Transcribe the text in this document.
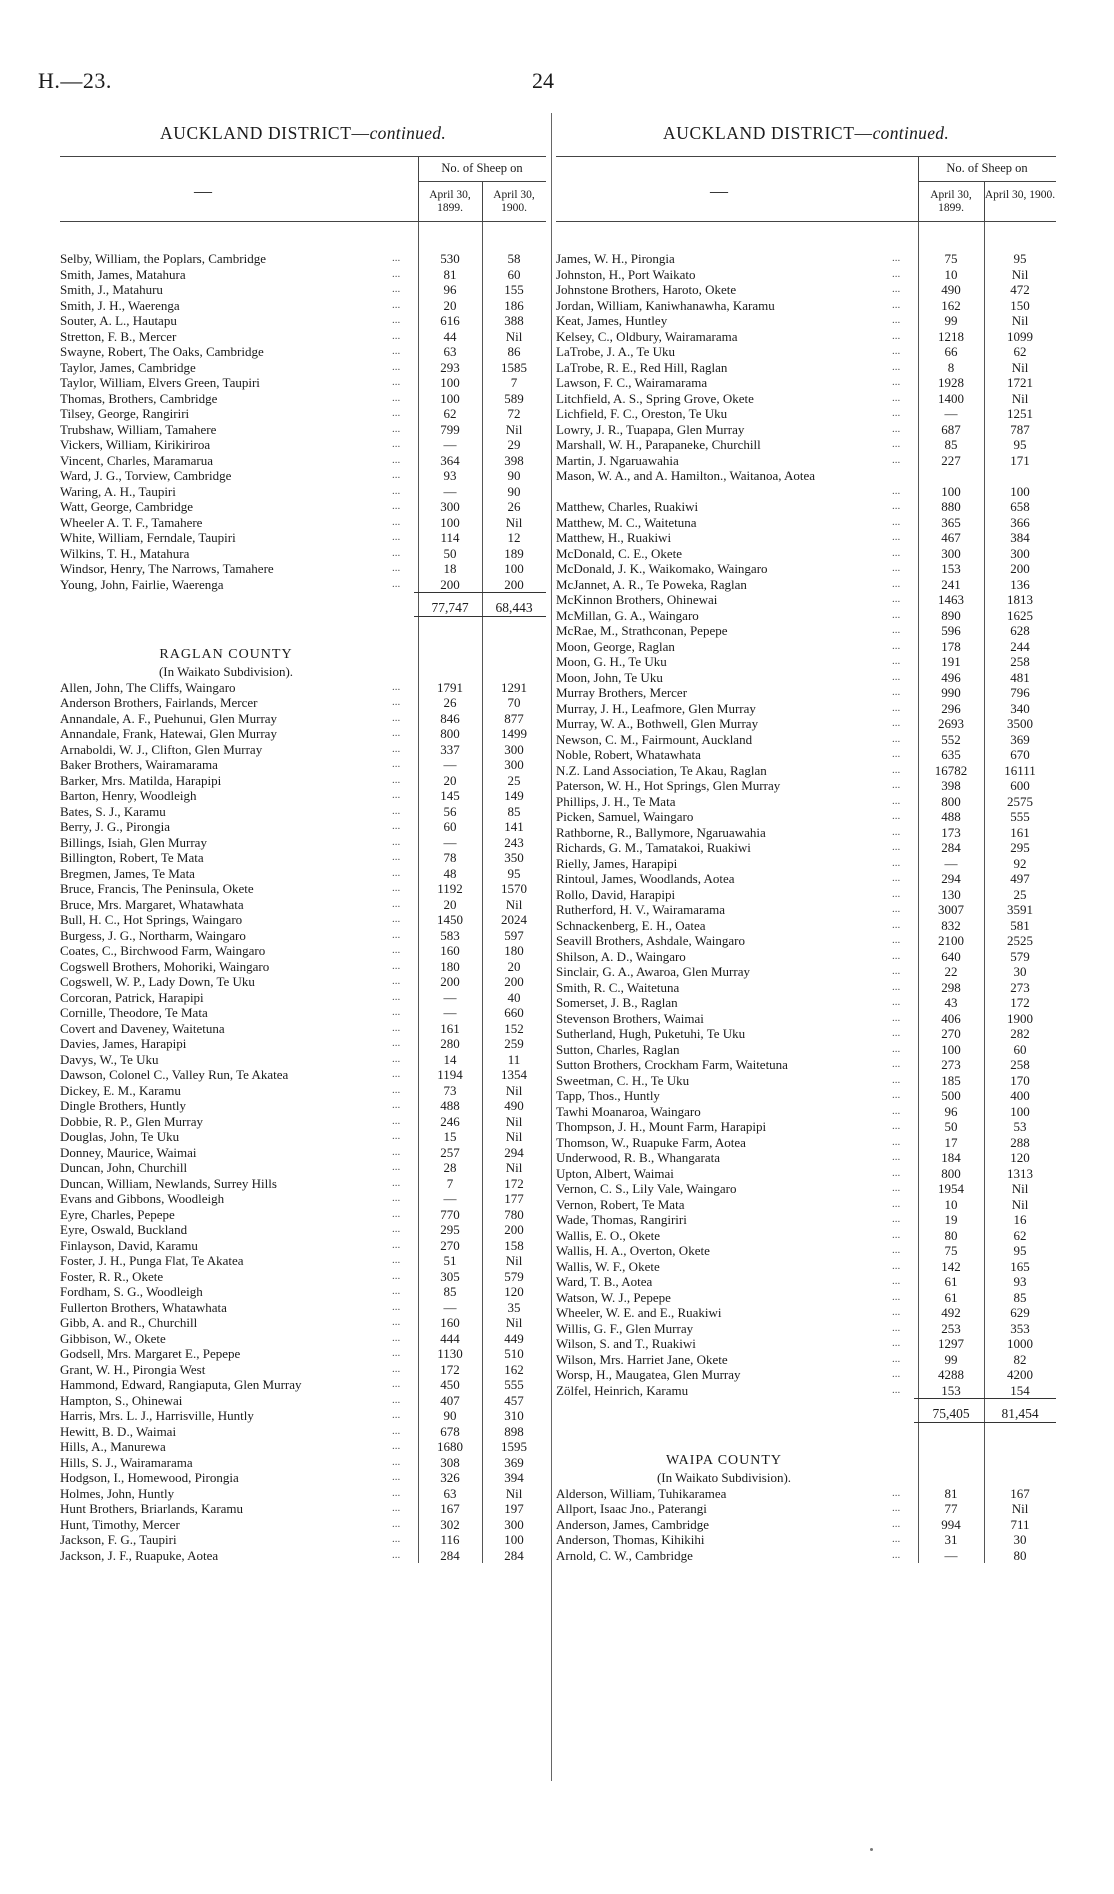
H.—23.	24
AUCKLAND DISTRICT—continued.	AUCKLAND DISTRICT—continued.
—
No. of Sheep on
April 30, 1899.
April 30, 1900.
Selby, William, the Poplars, Cambridge	...	530	58
Smith, James, Matahura	...	81	60
Smith, J., Matahuru	...	96	155
Smith, J. H., Waerenga	...	20	186
Souter, A. L., Hautapu	...	616	388
Stretton, F. B., Mercer	...	44	Nil
Swayne, Robert, The Oaks, Cambridge	...	63	86
Taylor, James, Cambridge	...	293	1585
Taylor, William, Elvers Green, Taupiri	...	100	7
Thomas, Brothers, Cambridge	...	100	589
Tilsey, George, Rangiriri	...	62	72
Trubshaw, William, Tamahere	...	799	Nil
Vickers, William, Kirikiriroa	...	—	29
Vincent, Charles, Maramarua	...	364	398
Ward, J. G., Torview, Cambridge	...	93	90
Waring, A. H., Taupiri	...	—	90
Watt, George, Cambridge	...	300	26
Wheeler A. T. F., Tamahere	...	100	Nil
White, William, Ferndale, Taupiri	...	114	12
Wilkins, T. H., Matahura	...	50	189
Windsor, Henry, The Narrows, Tamahere	...	18	100
Young, John, Fairlie, Waerenga	...	200	200
77,747	68,443
RAGLAN COUNTY
(In Waikato Subdivision).
Allen, John, The Cliffs, Waingaro	...	1791	1291
Anderson Brothers, Fairlands, Mercer	...	26	70
Annandale, A. F., Puehunui, Glen Murray	...	846	877
Annandale, Frank, Hatewai, Glen Murray	...	800	1499
Arnaboldi, W. J., Clifton, Glen Murray	...	337	300
Baker Brothers, Wairamarama	...	—	300
Barker, Mrs. Matilda, Harapipi	...	20	25
Barton, Henry, Woodleigh	...	145	149
Bates, S. J., Karamu	...	56	85
Berry, J. G., Pirongia	...	60	141
Billings, Isiah, Glen Murray	...	—	243
Billington, Robert, Te Mata	...	78	350
Bregmen, James, Te Mata	...	48	95
Bruce, Francis, The Peninsula, Okete	...	1192	1570
Bruce, Mrs. Margaret, Whatawhata	...	20	Nil
Bull, H. C., Hot Springs, Waingaro	...	1450	2024
Burgess, J. G., Northarm, Waingaro	...	583	597
Coates, C., Birchwood Farm, Waingaro	...	160	180
Cogswell Brothers, Mohoriki, Waingaro	...	180	20
Cogswell, W. P., Lady Down, Te Uku	...	200	200
Corcoran, Patrick, Harapipi	...	—	40
Cornille, Theodore, Te Mata	...	—	660
Covert and Daveney, Waitetuna	...	161	152
Davies, James, Harapipi	...	280	259
Davys, W., Te Uku	...	14	11
Dawson, Colonel C., Valley Run, Te Akatea	...	1194	1354
Dickey, E. M., Karamu	...	73	Nil
Dingle Brothers, Huntly	...	488	490
Dobbie, R. P., Glen Murray	...	246	Nil
Douglas, John, Te Uku	...	15	Nil
Donney, Maurice, Waimai	...	257	294
Duncan, John, Churchill	...	28	Nil
Duncan, William, Newlands, Surrey Hills	...	7	172
Evans and Gibbons, Woodleigh	...	—	177
Eyre, Charles, Pepepe	...	770	780
Eyre, Oswald, Buckland	...	295	200
Finlayson, David, Karamu	...	270	158
Foster, J. H., Punga Flat, Te Akatea	...	51	Nil
Foster, R. R., Okete	...	305	579
Fordham, S. G., Woodleigh	...	85	120
Fullerton Brothers, Whatawhata	...	—	35
Gibb, A. and R., Churchill	...	160	Nil
Gibbison, W., Okete	...	444	449
Godsell, Mrs. Margaret E., Pepepe	...	1130	510
Grant, W. H., Pirongia West	...	172	162
Hammond, Edward, Rangiaputa, Glen Murray	...	450	555
Hampton, S., Ohinewai	...	407	457
Harris, Mrs. L. J., Harrisville, Huntly	...	90	310
Hewitt, B. D., Waimai	...	678	898
Hills, A., Manurewa	...	1680	1595
Hills, S. J., Wairamarama	...	308	369
Hodgson, I., Homewood, Pirongia	...	326	394
Holmes, John, Huntly	...	63	Nil
Hunt Brothers, Briarlands, Karamu	...	167	197
Hunt, Timothy, Mercer	...	302	300
Jackson, F. G., Taupiri	...	116	100
Jackson, J. F., Ruapuke, Aotea	...	284	284
—
No. of Sheep on
April 30, 1899.
April 30, 1900.
James, W. H., Pirongia	...	75	95
Johnston, H., Port Waikato	...	10	Nil
Johnstone Brothers, Haroto, Okete	...	490	472
Jordan, William, Kaniwhanawha, Karamu	...	162	150
Keat, James, Huntley	...	99	Nil
Kelsey, C., Oldbury, Wairamarama	...	1218	1099
LaTrobe, J. A., Te Uku	...	66	62
LaTrobe, R. E., Red Hill, Raglan	...	8	Nil
Lawson, F. C., Wairamarama	...	1928	1721
Litchfield, A. S., Spring Grove, Okete	...	1400	Nil
Lichfield, F. C., Oreston, Te Uku	...	—	1251
Lowry, J. R., Tuapapa, Glen Murray	...	687	787
Marshall, W. H., Parapaneke, Churchill	...	85	95
Martin, J. Ngaruawahia	...	227	171
Mason, W. A., and A. Hamilton., Waitanoa, Aotea
...	100	100
Matthew, Charles, Ruakiwi	...	880	658
Matthew, M. C., Waitetuna	...	365	366
Matthew, H., Ruakiwi	...	467	384
McDonald, C. E., Okete	...	300	300
McDonald, J. K., Waikomako, Waingaro	...	153	200
McJannet, A. R., Te Poweka, Raglan	...	241	136
McKinnon Brothers, Ohinewai	...	1463	1813
McMillan, G. A., Waingaro	...	890	1625
McRae, M., Strathconan, Pepepe	...	596	628
Moon, George, Raglan	...	178	244
Moon, G. H., Te Uku	...	191	258
Moon, John, Te Uku	...	496	481
Murray Brothers, Mercer	...	990	796
Murray, J. H., Leafmore, Glen Murray	...	296	340
Murray, W. A., Bothwell, Glen Murray	...	2693	3500
Newson, C. M., Fairmount, Auckland	...	552	369
Noble, Robert, Whatawhata	...	635	670
N.Z. Land Association, Te Akau, Raglan	...	16782	16111
Paterson, W. H., Hot Springs, Glen Murray	...	398	600
Phillips, J. H., Te Mata	...	800	2575
Picken, Samuel, Waingaro	...	488	555
Rathborne, R., Ballymore, Ngaruawahia	...	173	161
Richards, G. M., Tamatakoi, Ruakiwi	...	284	295
Rielly, James, Harapipi	...	—	92
Rintoul, James, Woodlands, Aotea	...	294	497
Rollo, David, Harapipi	...	130	25
Rutherford, H. V., Wairamarama	...	3007	3591
Schnackenberg, E. H., Oatea	...	832	581
Seavill Brothers, Ashdale, Waingaro	...	2100	2525
Shilson, A. D., Waingaro	...	640	579
Sinclair, G. A., Awaroa, Glen Murray	...	22	30
Smith, R. C., Waitetuna	...	298	273
Somerset, J. B., Raglan	...	43	172
Stevenson Brothers, Waimai	...	406	1900
Sutherland, Hugh, Puketuhi, Te Uku	...	270	282
Sutton, Charles, Raglan	...	100	60
Sutton Brothers, Crockham Farm, Waitetuna	...	273	258
Sweetman, C. H., Te Uku	...	185	170
Tapp, Thos., Huntly	...	500	400
Tawhi Moanaroa, Waingaro	...	96	100
Thompson, J. H., Mount Farm, Harapipi	...	50	53
Thomson, W., Ruapuke Farm, Aotea	...	17	288
Underwood, R. B., Whangarata	...	184	120
Upton, Albert, Waimai	...	800	1313
Vernon, C. S., Lily Vale, Waingaro	...	1954	Nil
Vernon, Robert, Te Mata	...	10	Nil
Wade, Thomas, Rangiriri	...	19	16
Wallis, E. O., Okete	...	80	62
Wallis, H. A., Overton, Okete	...	75	95
Wallis, W. F., Okete	...	142	165
Ward, T. B., Aotea	...	61	93
Watson, W. J., Pepepe	...	61	85
Wheeler, W. E. and E., Ruakiwi	...	492	629
Willis, G. F., Glen Murray	...	253	353
Wilson, S. and T., Ruakiwi	...	1297	1000
Wilson, Mrs. Harriet Jane, Okete	...	99	82
Worsp, H., Maugatea, Glen Murray	...	4288	4200
Zölfel, Heinrich, Karamu	...	153	154
75,405	81,454
WAIPA COUNTY
(In Waikato Subdivision).
Alderson, William, Tuhikaramea	...	81	167
Allport, Isaac Jno., Paterangi	...	77	Nil
Anderson, James, Cambridge	...	994	711
Anderson, Thomas, Kihikihi	...	31	30
Arnold, C. W., Cambridge	...	—	80
